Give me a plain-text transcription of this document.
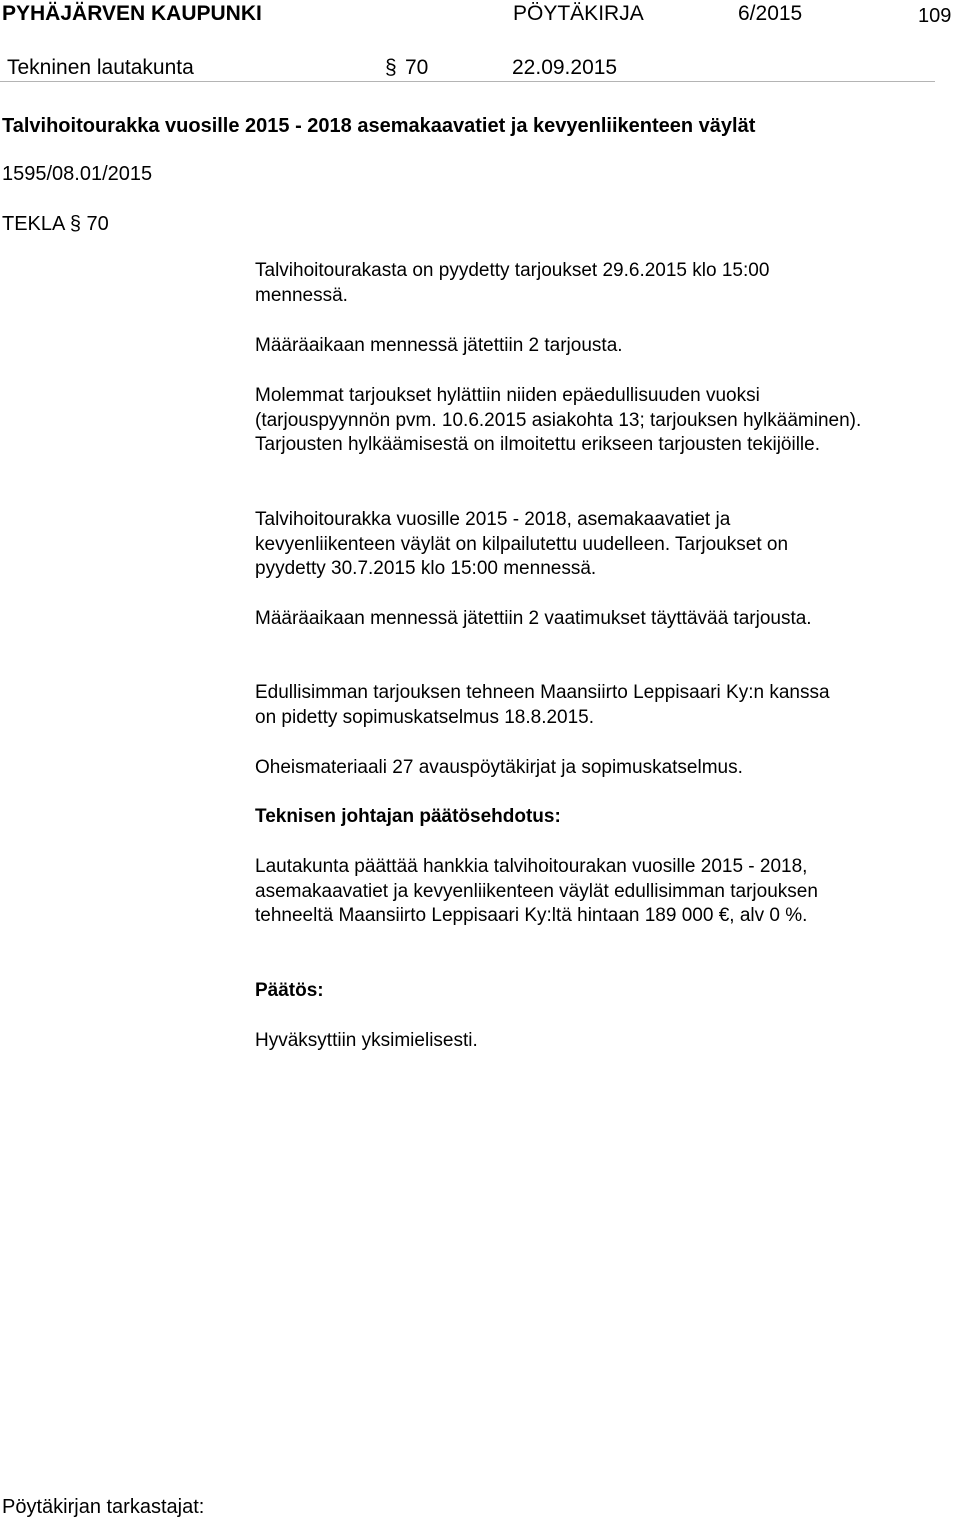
PYHÄJÄRVEN KAUPUNKI	PÖYTÄKIRJA	6/2015	109
Tekninen lautakunta	§ 70	22.09.2015
Talvihoitourakka vuosille 2015 - 2018 asemakaavatiet ja kevyenliikenteen väylät
1595/08.01/2015
TEKLA § 70

Talvihoitourakasta on pyydetty tarjoukset 29.6.2015 klo 15:00 mennessä.

Määräaikaan mennessä jätettiin 2 tarjousta.

Molemmat tarjoukset hylättiin niiden epäedullisuuden vuoksi (tarjouspyynnön pvm. 10.6.2015 asiakohta 13; tarjouksen hylkääminen). Tarjousten hylkäämisestä on ilmoitettu erikseen tarjousten tekijöille.

Talvihoitourakka vuosille 2015 - 2018, asemakaavatiet ja kevyenliikenteen väylät on kilpailutettu uudelleen. Tarjoukset on pyydetty 30.7.2015 klo 15:00 mennessä.

Määräaikaan mennessä jätettiin 2 vaatimukset täyttävää tarjousta.

Edullisimman tarjouksen tehneen Maansiirto Leppisaari Ky:n kanssa on pidetty sopimuskatselmus 18.8.2015.

Oheismateriaali 27 avauspöytäkirjat ja sopimuskatselmus.

Teknisen johtajan päätösehdotus:

Lautakunta päättää hankkia talvihoitourakan vuosille 2015 - 2018, asemakaavatiet ja kevyenliikenteen väylät edullisimman tarjouksen tehneeltä Maansiirto Leppisaari Ky:ltä hintaan 189 000 €, alv 0 %.

Päätös:

Hyväksyttiin yksimielisesti.

Pöytäkirjan tarkastajat:
